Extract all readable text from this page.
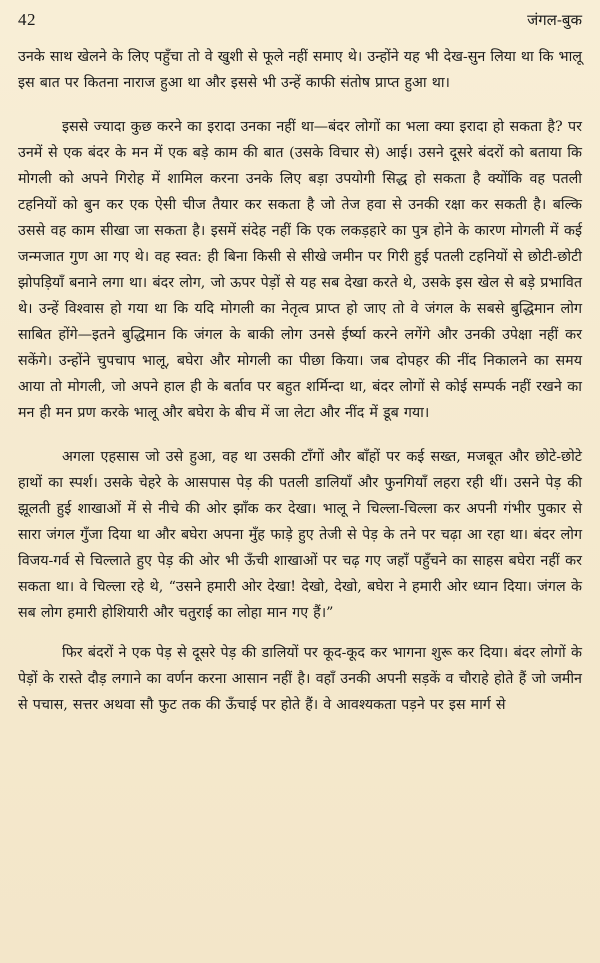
42	जंगल-बुक

उनके साथ खेलने के लिए पहुँचा तो वे खुशी से फूले नहीं समाए थे। उन्होंने यह भी देख-सुन लिया था कि भालू इस बात पर कितना नाराज हुआ था और इससे भी उन्हें काफी संतोष प्राप्त हुआ था।

इससे ज्यादा कुछ करने का इरादा उनका नहीं था—बंदर लोगों का भला क्या इरादा हो सकता है? पर उनमें से एक बंदर के मन में एक बड़े काम की बात (उसके विचार से) आई। उसने दूसरे बंदरों को बताया कि मोगली को अपने गिरोह में शामिल करना उनके लिए बड़ा उपयोगी सिद्ध हो सकता है क्योंकि वह पतली टहनियों को बुन कर एक ऐसी चीज तैयार कर सकता है जो तेज हवा से उनकी रक्षा कर सकती है। बल्कि उससे वह काम सीखा जा सकता है। इसमें संदेह नहीं कि एक लकड़हारे का पुत्र होने के कारण मोगली में कई जन्मजात गुण आ गए थे। वह स्वत: ही बिना किसी से सीखे जमीन पर गिरी हुई पतली टहनियों से छोटी-छोटी झोपड़ियाँ बनाने लगा था। बंदर लोग, जो ऊपर पेड़ों से यह सब देखा करते थे, उसके इस खेल से बड़े प्रभावित थे। उन्हें विश्वास हो गया था कि यदि मोगली का नेतृत्व प्राप्त हो जाए तो वे जंगल के सबसे बुद्धिमान लोग साबित होंगे—इतने बुद्धिमान कि जंगल के बाकी लोग उनसे ईर्ष्या करने लगेंगे और उनकी उपेक्षा नहीं कर सकेंगे। उन्होंने चुपचाप भालू, बघेरा और मोगली का पीछा किया। जब दोपहर की नींद निकालने का समय आया तो मोगली, जो अपने हाल ही के बर्ताव पर बहुत शर्मिन्दा था, बंदर लोगों से कोई सम्पर्क नहीं रखने का मन ही मन प्रण करके भालू और बघेरा के बीच में जा लेटा और नींद में डूब गया।

अगला एहसास जो उसे हुआ, वह था उसकी टाँगों और बाँहों पर कई सख्त, मजबूत और छोटे-छोटे हाथों का स्पर्श। उसके चेहरे के आसपास पेड़ की पतली डालियाँ और फुनगियाँ लहरा रही थीं। उसने पेड़ की झूलती हुई शाखाओं में से नीचे की ओर झाँक कर देखा। भालू ने चिल्ला-चिल्ला कर अपनी गंभीर पुकार से सारा जंगल गुँजा दिया था और बघेरा अपना मुँह फाड़े हुए तेजी से पेड़ के तने पर चढ़ा आ रहा था। बंदर लोग विजय-गर्व से चिल्लाते हुए पेड़ की ओर भी ऊँची शाखाओं पर चढ़ गए जहाँ पहुँचने का साहस बघेरा नहीं कर सकता था। वे चिल्ला रहे थे, “उसने हमारी ओर देखा! देखो, देखो, बघेरा ने हमारी ओर ध्यान दिया। जंगल के सब लोग हमारी होशियारी और चतुराई का लोहा मान गए हैं।”

फिर बंदरों ने एक पेड़ से दूसरे पेड़ की डालियों पर कूद-कूद कर भागना शुरू कर दिया। बंदर लोगों के पेड़ों के रास्ते दौड़ लगाने का वर्णन करना आसान नहीं है। वहाँ उनकी अपनी सड़कें व चौराहे होते हैं जो जमीन से पचास, सत्तर अथवा सौ फुट तक की ऊँचाई पर होते हैं। वे आवश्यकता पड़ने पर इस मार्ग से
